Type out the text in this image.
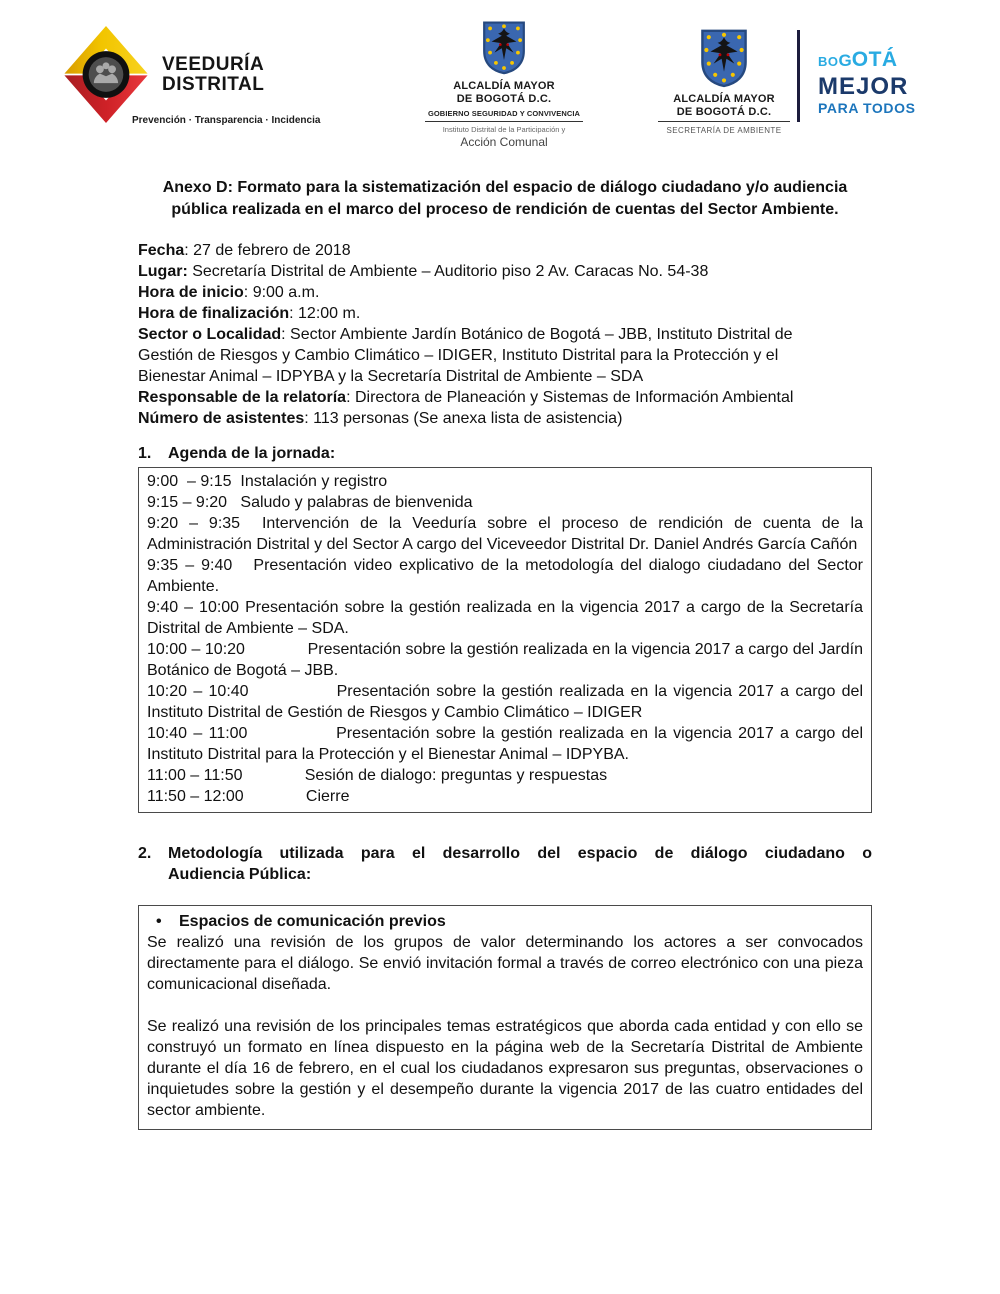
VEEDURÍA
DISTRITAL
Prevención · Transparencia · Incidencia
ALCALDÍA MAYOR
DE BOGOTÁ D.C.
GOBIERNO SEGURIDAD Y CONVIVENCIA
Instituto Distrital de la Participación y
Acción Comunal
ALCALDÍA MAYOR
DE BOGOTÁ D.C.
SECRETARÍA DE AMBIENTE
BO G OTÁ
MEJOR
PARA TODOS
Anexo D: Formato para la sistematización del espacio de diálogo ciudadano y/o audiencia pública realizada en el marco del proceso de rendición de cuentas del Sector Ambiente.

Fecha: 27 de febrero de 2018

Lugar: Secretaría Distrital de Ambiente – Auditorio piso 2 Av. Caracas No. 54-38

Hora de inicio: 9:00 a.m.

Hora de finalización: 12:00 m.

Sector o Localidad: Sector Ambiente Jardín Botánico de Bogotá – JBB, Instituto Distrital de Gestión de Riesgos y Cambio Climático – IDIGER, Instituto Distrital para la Protección y el Bienestar Animal – IDPYBA y la Secretaría Distrital de Ambiente – SDA

Responsable de la relatoría: Directora de Planeación y Sistemas de Información Ambiental

Número de asistentes: 113 personas (Se anexa lista de asistencia)

1.	Agenda de la jornada:

9:00  – 9:15  Instalación y registro

9:15 – 9:20   Saludo y palabras de bienvenida

9:20 – 9:35  Intervención de la Veeduría sobre el proceso de rendición de cuenta de la Administración Distrital y del Sector A cargo del Viceveedor Distrital Dr. Daniel Andrés García Cañón

9:35 – 9:40   Presentación video explicativo de la metodología del dialogo ciudadano del Sector Ambiente.

9:40 – 10:00 Presentación sobre la gestión realizada en la vigencia 2017 a cargo de la Secretaría Distrital de Ambiente – SDA.

10:00 – 10:20              Presentación sobre la gestión realizada en la vigencia 2017 a cargo del Jardín Botánico de Bogotá – JBB.

10:20 – 10:40              Presentación sobre la gestión realizada en la vigencia 2017 a cargo del Instituto Distrital de Gestión de Riesgos y Cambio Climático – IDIGER

10:40 – 11:00              Presentación sobre la gestión realizada en la vigencia 2017 a cargo del Instituto Distrital para la Protección y el Bienestar Animal – IDPYBA.

11:00 – 11:50              Sesión de dialogo: preguntas y respuestas

11:50 – 12:00              Cierre

2.	Metodología utilizada para el desarrollo del espacio de diálogo ciudadano o
Audiencia Pública:

• Espacios de comunicación previos

Se realizó una revisión de los grupos de valor determinando los actores a ser convocados directamente para el diálogo. Se envió invitación formal a través de correo electrónico con una pieza comunicacional diseñada.

Se realizó una revisión de los principales temas estratégicos que aborda cada entidad y con ello se construyó un formato en línea dispuesto en la página web de la Secretaría Distrital de Ambiente durante el día 16 de febrero, en el cual los ciudadanos expresaron sus preguntas, observaciones o inquietudes sobre la gestión y el desempeño durante la vigencia 2017 de las cuatro entidades del sector ambiente.
